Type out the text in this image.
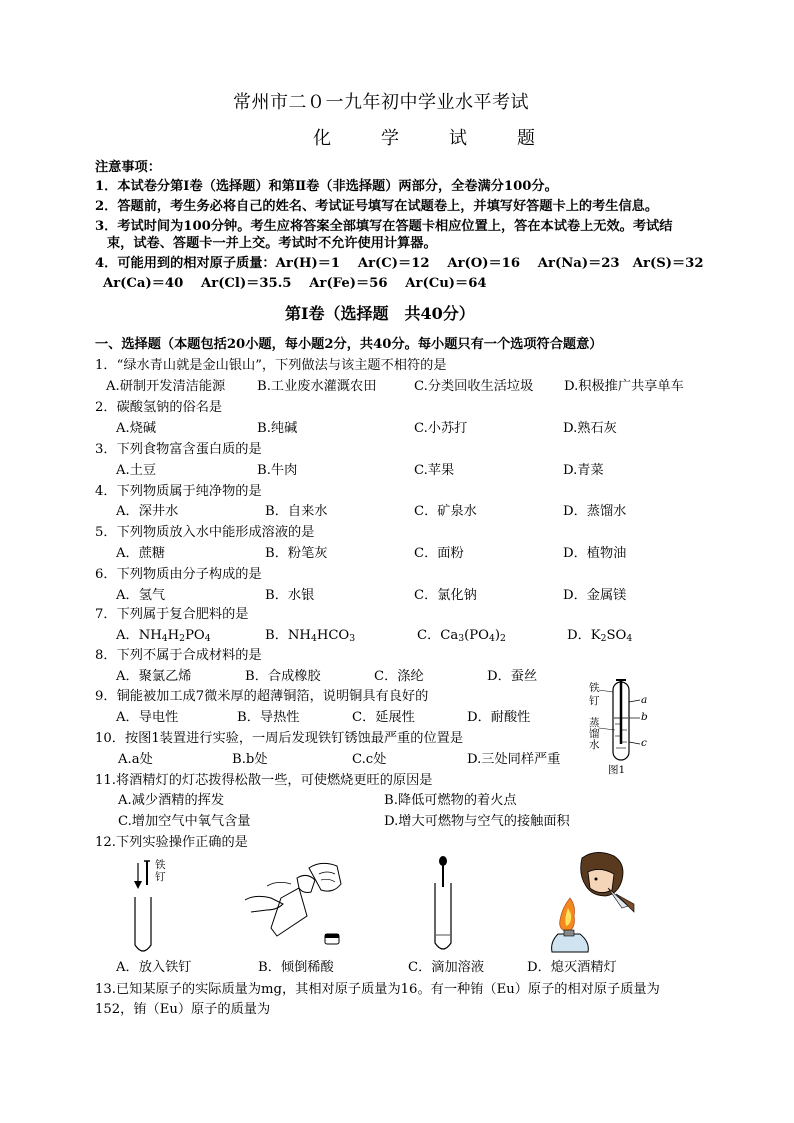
常州市二０一九年初中学业水平考试
化	学	试	题
注意事项：
1．本试卷分第Ⅰ卷（选择题）和第Ⅱ卷（非选择题）两部分，全卷满分100分。
2．答题前，考生务必将自己的姓名、考试证号填写在试题卷上，并填写好答题卡上的考生信息。
3．考试时间为100分钟。考生应将答案全部填写在答题卡相应位置上，答在本试卷上无效。考试结
束，试卷、答题卡一并上交。考试时不允许使用计算器。
4．可能用到的相对原子质量：Ar(H)＝1　 Ar(C)＝12　 Ar(O)＝16　 Ar(Na)＝23　Ar(S)＝32
Ar(Ca)＝40　 Ar(Cl)＝35.5　 Ar(Fe)＝56　 Ar(Cu)＝64
第Ⅰ卷（选择题　共40分）
一、选择题（本题包括20小题，每小题2分，共40分。每小题只有一个选项符合题意）
1．“绿水青山就是金山银山”，下列做法与该主题不相符的是
A.研制开发清洁能源 B.工业废水灌溉农田	C.分类回收生活垃圾 D.积极推广共享单车
2．碳酸氢钠的俗名是
A.烧碱	B.纯碱	C.小苏打	D.熟石灰
3．下列食物富含蛋白质的是
A.土豆	B.牛肉	C.苹果	D.青菜
4．下列物质属于纯净物的是
A．深井水	B．自来水	C．矿泉水	D．蒸馏水
5．下列物质放入水中能形成溶液的是
A．蔗糖	B．粉笔灰	C．面粉	D．植物油
6．下列物质由分子构成的是
A．氢气	B．水银	C．氯化钠	D．金属镁
7．下列属于复合肥料的是
A．$NH_4H_2PO_4$	B．$NH_4HCO_3$	C．$Ca_3(PO_4)_2$	D．$K_2SO_4$
8．下列不属于合成材料的是
A．聚氯乙烯	B．合成橡胶	C．涤纶	D．蚕丝
9．铜能被加工成7微米厚的超薄铜箔，说明铜具有良好的
A．导电性	B．导热性	C．延展性	D．耐酸性
10．按图1装置进行实验，一周后发现铁钉锈蚀最严重的位置是
A.a处	B.b处	C.c处	D.三处同样严重
11.将酒精灯的灯芯拨得松散一些，可使燃烧更旺的原因是
A.减少酒精的挥发	B.降低可燃物的着火点
C.增加空气中氧气含量	D.增大可燃物与空气的接触面积
12.下列实验操作正确的是
A．放入铁钉	B．倾倒稀酸	C．滴加溶液	D．熄灭酒精灯
13.已知某原子的实际质量为mg，其相对原子质量为16。有一种铕（Eu）原子的相对原子质量为
152，铕（Eu）原子的质量为
铁
钉
蒸
馏
水
a
b
c
图1
铁
钉
